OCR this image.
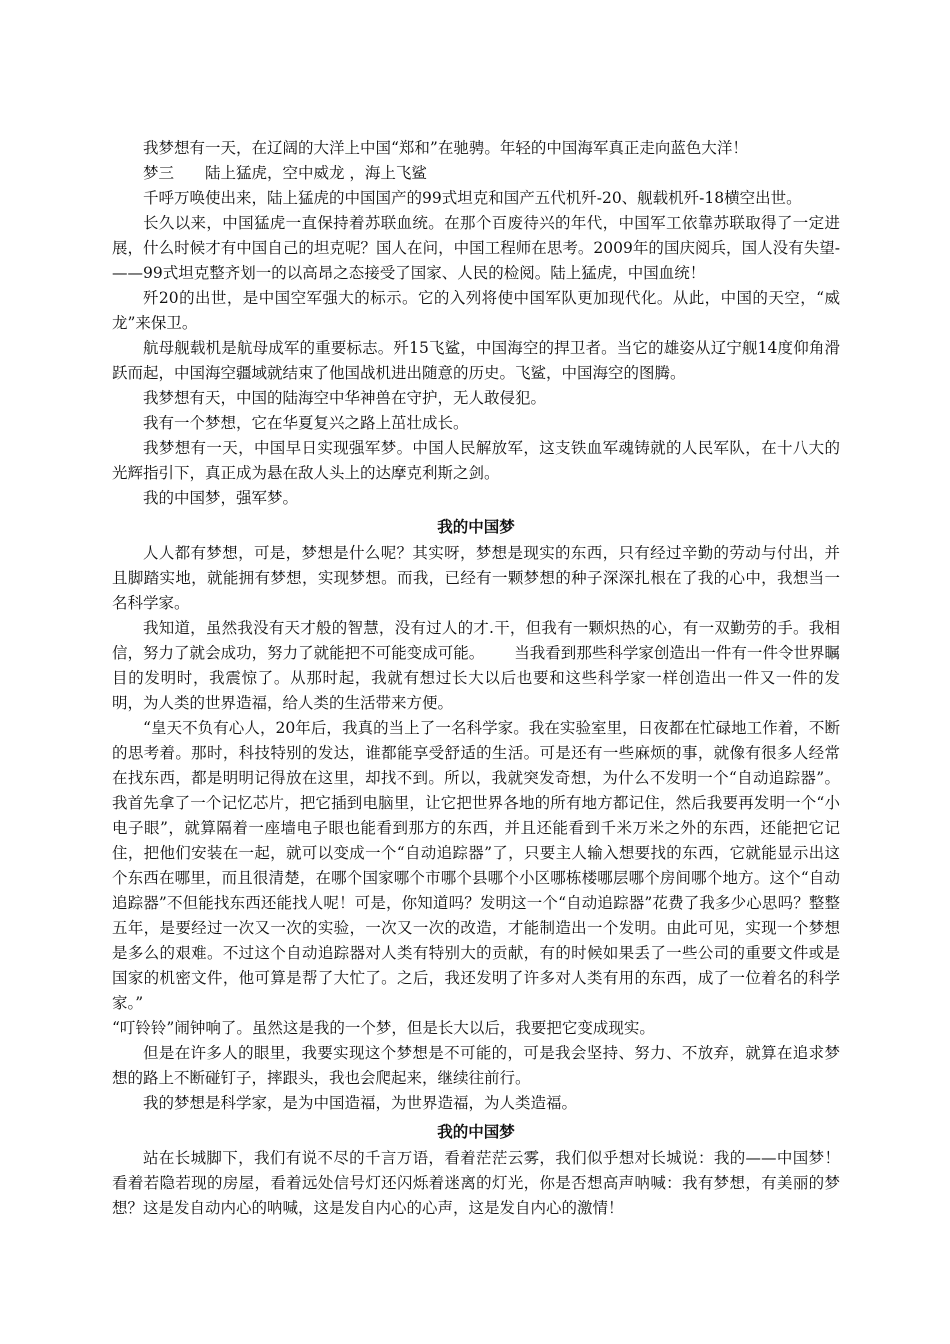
我梦想有一天，在辽阔的大洋上中国“郑和”在驰骋。年轻的中国海军真正走向蓝色大洋！

梦三　　陆上猛虎，空中威龙 ，海上飞鲨

千呼万唤使出来，陆上猛虎的中国国产的99式坦克和国产五代机歼-20、舰载机歼-18横空出世。

长久以来，中国猛虎一直保持着苏联血统。在那个百废待兴的年代，中国军工依靠苏联取得了一定进展，什么时候才有中国自己的坦克呢？国人在问，中国工程师在思考。2009年的国庆阅兵，国人没有失望-——99式坦克整齐划一的以高昂之态接受了国家、人民的检阅。陆上猛虎，中国血统！

歼20的出世，是中国空军强大的标示。它的入列将使中国军队更加现代化。从此，中国的天空，“威龙”来保卫。

航母舰载机是航母成军的重要标志。歼15飞鲨，中国海空的捍卫者。当它的雄姿从辽宁舰14度仰角滑跃而起，中国海空疆域就结束了他国战机进出随意的历史。飞鲨，中国海空的图腾。

我梦想有天，中国的陆海空中华神兽在守护，无人敢侵犯。

我有一个梦想，它在华夏复兴之路上茁壮成长。

我梦想有一天，中国早日实现强军梦。中国人民解放军，这支铁血军魂铸就的人民军队，在十八大的光辉指引下，真正成为悬在敌人头上的达摩克利斯之剑。

我的中国梦，强军梦。

我的中国梦

人人都有梦想，可是，梦想是什么呢？其实呀，梦想是现实的东西，只有经过辛勤的劳动与付出，并且脚踏实地，就能拥有梦想，实现梦想。而我，已经有一颗梦想的种子深深扎根在了我的心中，我想当一名科学家。

我知道，虽然我没有天才般的智慧，没有过人的才.干，但我有一颗炽热的心，有一双勤劳的手。我相信，努力了就会成功，努力了就能把不可能变成可能。 当我看到那些科学家创造出一件有一件令世界瞩目的发明时，我震惊了。从那时起，我就有想过长大以后也要和这些科学家一样创造出一件又一件的发明，为人类的世界造福，给人类的生活带来方便。

“皇天不负有心人，20年后，我真的当上了一名科学家。我在实验室里，日夜都在忙碌地工作着，不断的思考着。那时，科技特别的发达，谁都能享受舒适的生活。可是还有一些麻烦的事，就像有很多人经常在找东西，都是明明记得放在这里，却找不到。所以，我就突发奇想，为什么不发明一个“自动追踪器”。我首先拿了一个记忆芯片，把它插到电脑里，让它把世界各地的所有地方都记住，然后我要再发明一个“小电子眼”，就算隔着一座墙电子眼也能看到那方的东西，并且还能看到千米万米之外的东西，还能把它记住，把他们安装在一起，就可以变成一个“自动追踪器”了，只要主人输入想要找的东西，它就能显示出这个东西在哪里，而且很清楚，在哪个国家哪个市哪个县哪个小区哪栋楼哪层哪个房间哪个地方。这个“自动追踪器”不但能找东西还能找人呢！可是，你知道吗？发明这一个“自动追踪器”花费了我多少心思吗？整整五年，是要经过一次又一次的实验，一次又一次的改造，才能制造出一个发明。由此可见，实现一个梦想是多么的艰难。不过这个自动追踪器对人类有特别大的贡献，有的时候如果丢了一些公司的重要文件或是国家的机密文件，他可算是帮了大忙了。之后，我还发明了许多对人类有用的东西，成了一位着名的科学家。”

“叮铃铃”闹钟响了。虽然这是我的一个梦，但是长大以后，我要把它变成现实。

但是在许多人的眼里，我要实现这个梦想是不可能的，可是我会坚持、努力、不放弃，就算在追求梦想的路上不断碰钉子，摔跟头，我也会爬起来，继续往前行。

我的梦想是科学家，是为中国造福，为世界造福，为人类造福。

我的中国梦

站在长城脚下，我们有说不尽的千言万语，看着茫茫云雾，我们似乎想对长城说：我的——中国梦！看着若隐若现的房屋，看着远处信号灯还闪烁着迷离的灯光，你是否想高声呐喊：我有梦想，有美丽的梦想？这是发自动内心的呐喊，这是发自内心的心声，这是发自内心的激情！
